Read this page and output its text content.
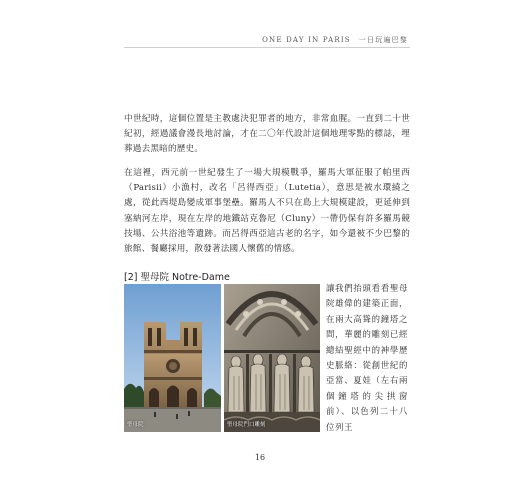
ONE DAY IN PARIS 一日玩遍巴黎

中世紀時，這個位置是主教處決犯罪者的地方，非常血腥。一直到二十世紀初，經過議會漫長地討論，才在二〇年代設計這個地理零點的標誌，埋葬過去黑暗的歷史。

在這裡，西元前一世紀發生了一場大規模戰爭，羅馬大軍征服了帕里西（Parisii）小漁村，改名「呂得西亞」（Lutetia），意思是被水環繞之處，從此西堤島變成軍事堡壘。羅馬人不只在島上大規模建設，更延伸到塞納河左岸，現在左岸的地鐵站克魯尼（Cluny）一帶仍保有許多羅馬競技場、公共浴池等遺跡。而呂得西亞這古老的名字，如今還被不少巴黎的旅館、餐廳採用，散發著法國人懷舊的情感。

[2] 聖母院 Notre-Dame
聖母院	聖母院門口雕刻

讓我們抬頭看看聖母院雄偉的建築正面，在兩大高聳的鐘塔之間，華麗的雕刻已經總結聖經中的神學歷史脈絡：從創世紀的亞當、夏娃（左右兩個鐘塔的尖拱窗前）、以色列二十八位列王

16
